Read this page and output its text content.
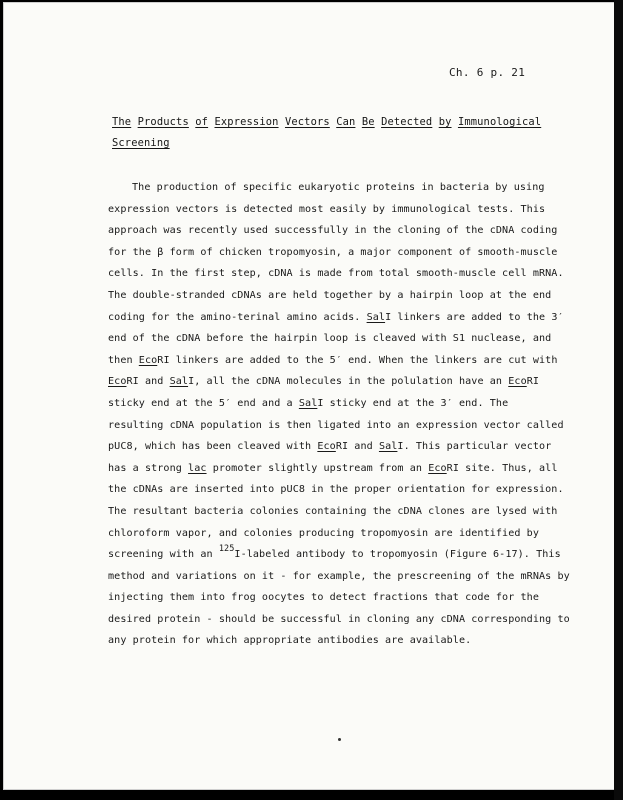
Ch. 6 p. 21
The Products of Expression Vectors Can Be Detected by Immunological
Screening
The production of specific eukaryotic proteins in bacteria by using
expression vectors is detected most easily by immunological tests. This
approach was recently used successfully in the cloning of the cDNA coding
for the β form of chicken tropomyosin, a major component of smooth-muscle
cells. In the first step, cDNA is made from total smooth-muscle cell mRNA.
The double-stranded cDNAs are held together by a hairpin loop at the end
coding for the amino-terinal amino acids. SalI linkers are added to the 3′
end of the cDNA before the hairpin loop is cleaved with S1 nuclease, and
then EcoRI linkers are added to the 5′ end. When the linkers are cut with
EcoRI and SalI, all the cDNA molecules in the polulation have an EcoRI
sticky end at the 5′ end and a SalI sticky end at the 3′ end. The
resulting cDNA population is then ligated into an expression vector called
pUC8, which has been cleaved with EcoRI and SalI. This particular vector
has a strong lac promoter slightly upstream from an EcoRI site. Thus, all
the cDNAs are inserted into pUC8 in the proper orientation for expression.
The resultant bacteria colonies containing the cDNA clones are lysed with
chloroform vapor, and colonies producing tropomyosin are identified by
screening with an $^{125}$I-labeled antibody to tropomyosin (Figure 6-17). This
method and variations on it - for example, the prescreening of the mRNAs by
injecting them into frog oocytes to detect fractions that code for the
desired protein - should be successful in cloning any cDNA corresponding to
any protein for which appropriate antibodies are available.
